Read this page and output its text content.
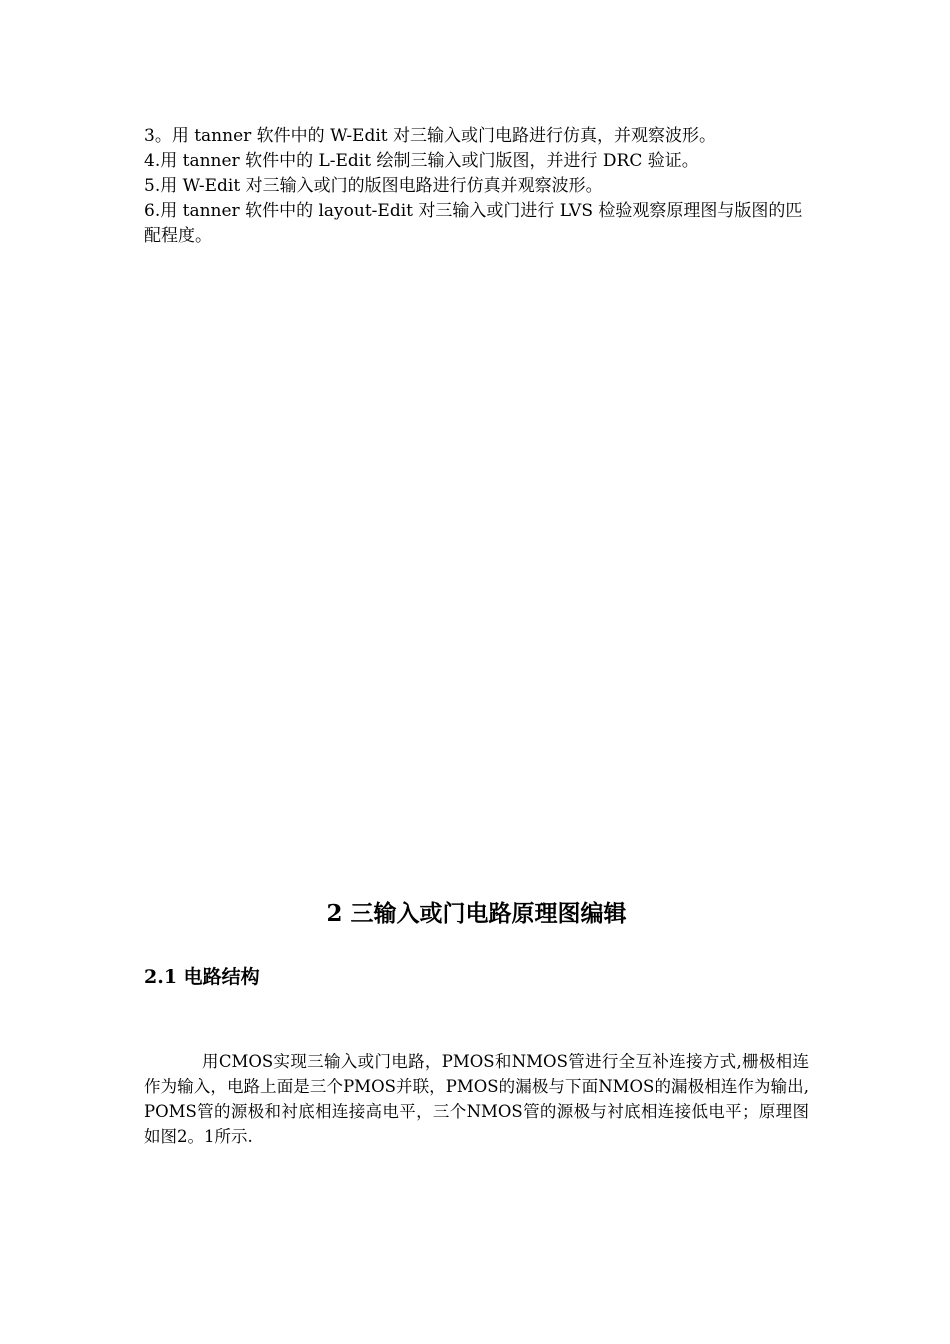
3。用 tanner 软件中的 W-Edit 对三输入或门电路进行仿真，并观察波形。

4.用 tanner 软件中的 L-Edit 绘制三输入或门版图，并进行 DRC 验证。

5.用 W-Edit 对三输入或门的版图电路进行仿真并观察波形。

6.用 tanner 软件中的 layout-Edit 对三输入或门进行 LVS 检验观察原理图与版图的匹配程度。

2 三输入或门电路原理图编辑
2.1 电路结构

用CMOS实现三输入或门电路，PMOS和NMOS管进行全互补连接方式,栅极相连作为输入，电路上面是三个PMOS并联，PMOS的漏极与下面NMOS的漏极相连作为输出,POMS管的源极和衬底相连接高电平，三个NMOS管的源极与衬底相连接低电平；原理图如图2。1所示.
